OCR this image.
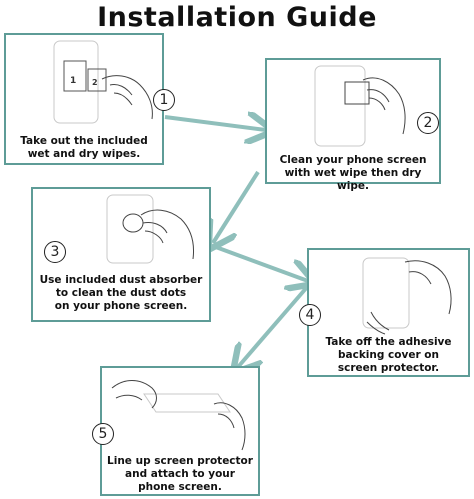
Installation Guide
1 2
1
Take out the included
wet and dry wipes.
2
Clean your phone screen
with wet wipe then dry wipe.
3
Use included dust absorber
to clean the dust dots
on your phone screen.
4
Take off the adhesive
backing cover on
screen protector.
5
Line up screen protector
and attach to your
phone screen.
